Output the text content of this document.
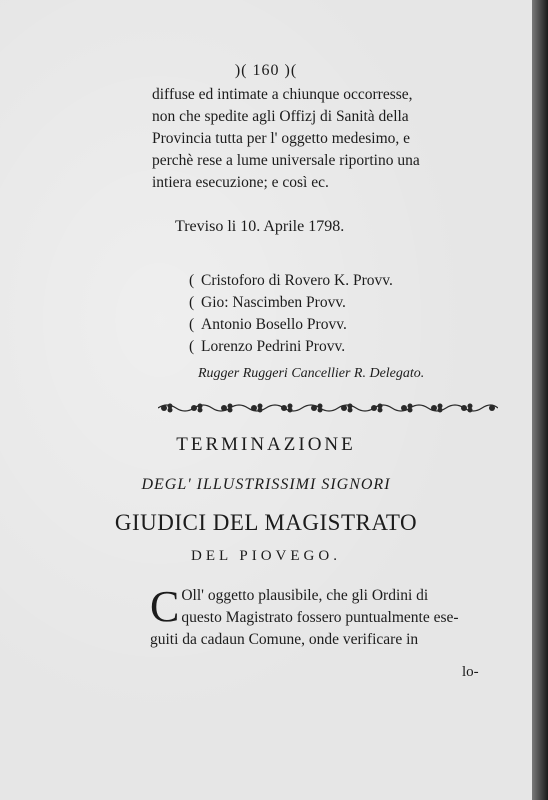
)( 160 )(
diffuse ed intimate a chiunque occorresse,
non che spedite agli Offizj di Sanità della
Provincia tutta per l' oggetto medesimo, e
perchè rese a lume universale riportino una
intiera esecuzione; e così ec.
Treviso li 10. Aprile 1798.
( Cristoforo di Rovero K. Provv.
( Gio: Nascimben Provv.
( Antonio Bosello Provv.
( Lorenzo Pedrini Provv.
Rugger Ruggeri Cancellier R. Delegato.
TERMINAZIONE
DEGL' ILLUSTRISSIMI SIGNORI
GIUDICI DEL MAGISTRATO
DEL PIOVEGO.
C Oll' oggetto plausibile, che gli Ordini di
questo Magistrato fossero puntualmente ese-
guiti da cadaun Comune, onde verificare in
lo-
